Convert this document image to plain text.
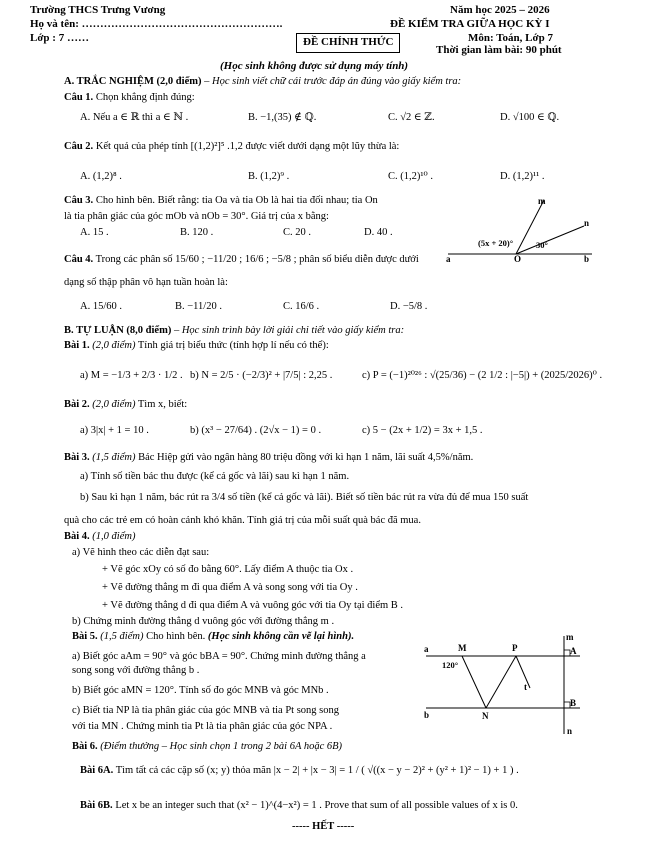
Trường THCS Trưng Vương
Họ và tên: ……………………………………………….
Lớp : 7 ……
Năm học 2025 – 2026
ĐỀ KIỂM TRA GIỮA HỌC KỲ I
Môn: Toán, Lớp 7
Thời gian làm bài: 90 phút
ĐỀ CHÍNH THỨC
(Học sinh không được sử dụng máy tính)
A. TRẮC NGHIỆM (2,0 điểm) – Học sinh viết chữ cái trước đáp án đúng vào giấy kiểm tra:
Câu 1. Chọn khẳng định đúng:
A. Nếu a ∈ ℝ thì a ∈ ℕ .	B. −1,(35) ∉ ℚ.	C. √2 ∈ ℤ.	D. √100 ∈ ℚ.
Câu 2. Kết quả của phép tính [(1,2)²]⁵ .1,2 được viết dưới dạng một lũy thừa là:
A. (1,2)⁸ .	B. (1,2)⁹ .	C. (1,2)¹⁰ .	D. (1,2)¹¹ .
Câu 3. Cho hình bên. Biết rằng: tia Oa và tia Ob là hai tia đối nhau; tia On
là tia phân giác của góc mOb và nOb = 30°. Giá trị của x bằng:
A. 15 .	B. 120 .	C. 20 .	D. 40 .
a	b
O
m
n
(5x + 20)°	30°
Câu 4. Trong các phân số 15/60 ; −11/20 ; 16/6 ; −5/8 ; phân số biểu diễn được dưới
dạng số thập phân vô hạn tuần hoàn là:
A. 15/60 .	B. −11/20 .	C. 16/6 .	D. −5/8 .
B. TỰ LUẬN (8,0 điểm) – Học sinh trình bày lời giải chi tiết vào giấy kiểm tra:
Bài 1. (2,0 điểm) Tính giá trị biểu thức (tính hợp lí nếu có thể):
a) M = −1/3 + 2/3 · 1/2 . b) N = 2/5 · (−2/3)² + |7/5| : 2,25 .	c) P = (−1)²⁰²⁶ : √(25/36) − (2 1/2 : |−5|) + (2025/2026)⁰ .
Bài 2. (2,0 điểm) Tìm x, biết:
a) 3|x| + 1 = 10 .	b) (x³ − 27/64) . (2√x − 1) = 0 .	c) 5 − (2x + 1/2) = 3x + 1,5 .
Bài 3. (1,5 điểm) Bác Hiệp gửi vào ngân hàng 80 triệu đồng với kì hạn 1 năm, lãi suất 4,5%/năm.
a) Tính số tiền bác thu được (kể cả gốc và lãi) sau kì hạn 1 năm.
b) Sau kì hạn 1 năm, bác rút ra 3/4 số tiền (kể cả gốc và lãi). Biết số tiền bác rút ra vừa đủ để mua 150 suất
quà cho các trẻ em có hoàn cảnh khó khăn. Tính giá trị của mỗi suất quà bác đã mua.
Bài 4. (1,0 điểm)
a) Vẽ hình theo các diễn đạt sau:
+ Vẽ góc xOy có số đo bằng 60°. Lấy điểm A thuộc tia Ox .
+ Vẽ đường thẳng m đi qua điểm A và song song với tia Oy .
+ Vẽ đường thẳng d đi qua điểm A và vuông góc với tia Oy tại điểm B .
b) Chứng minh đường thẳng d vuông góc với đường thẳng m .
Bài 5. (1,5 điểm) Cho hình bên. (Học sinh không cần vẽ lại hình).
a) Biết góc aAm = 90° và góc bBA = 90°. Chứng minh đường thẳng a
song song với đường thẳng b .
b) Biết góc aMN = 120°. Tính số đo góc MNB và góc MNb .
c) Biết tia NP là tia phân giác của góc MNB và tia Pt song song
với tia MN . Chứng minh tia Pt là tia phân giác của góc NPA .
a
b
m
M	P	A
B
N
n
t
120°
Bài 6. (Điểm thưởng – Học sinh chọn 1 trong 2 bài 6A hoặc 6B)
Bài 6A. Tìm tất cả các cặp số (x; y) thỏa mãn |x − 2| + |x − 3| = 1 / ( √((x − y − 2)² + (y² + 1)² − 1) + 1 ) .
Bài 6B. Let x be an integer such that (x² − 1)^(4−x²) = 1 . Prove that sum of all possible values of x is 0.
----- HẾT -----
